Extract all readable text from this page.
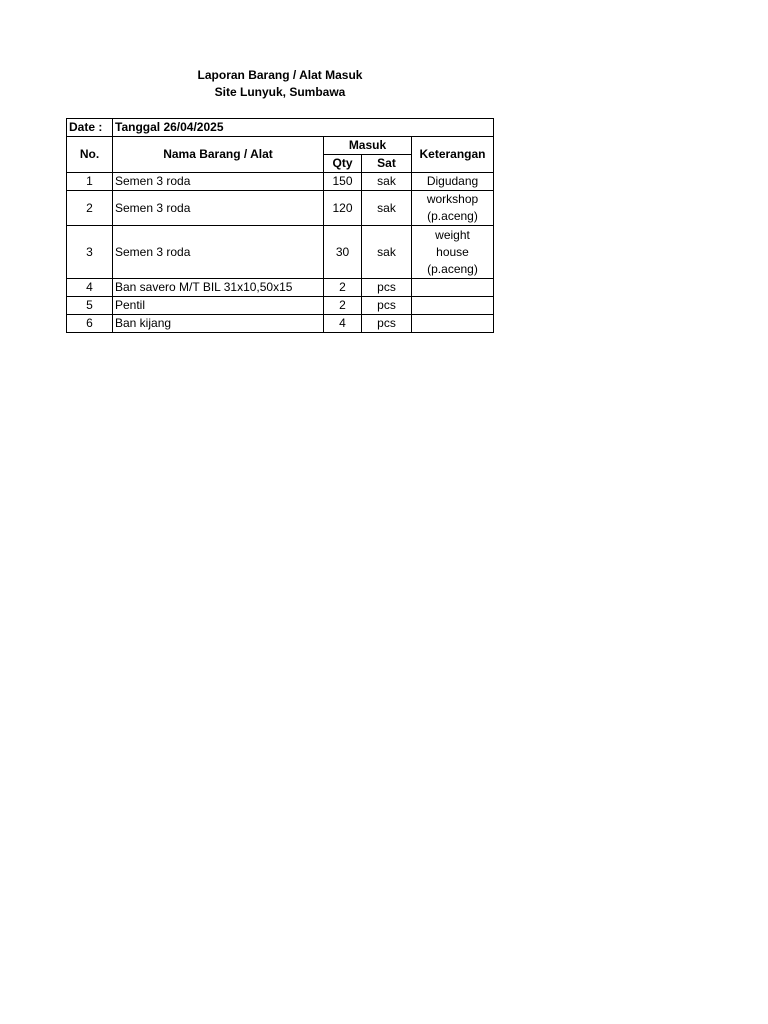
Laporan Barang / Alat Masuk
Site Lunyuk, Sumbawa
Date :	Tanggal 26/04/2025			
No.	Nama Barang / Alat	Masuk		Keterangan
		Qty	Sat	
1	Semen 3 roda	150	sak	Digudang

2	Semen 3 roda	120	sak	workshop
(p.aceng)

3	Semen 3 roda	30	sak	weight
house
(p.aceng)

4	Ban savero M/T BIL 31x10,50x15	2	pcs	
5	Pentil	2	pcs	
6	Ban kijang	4	pcs	
